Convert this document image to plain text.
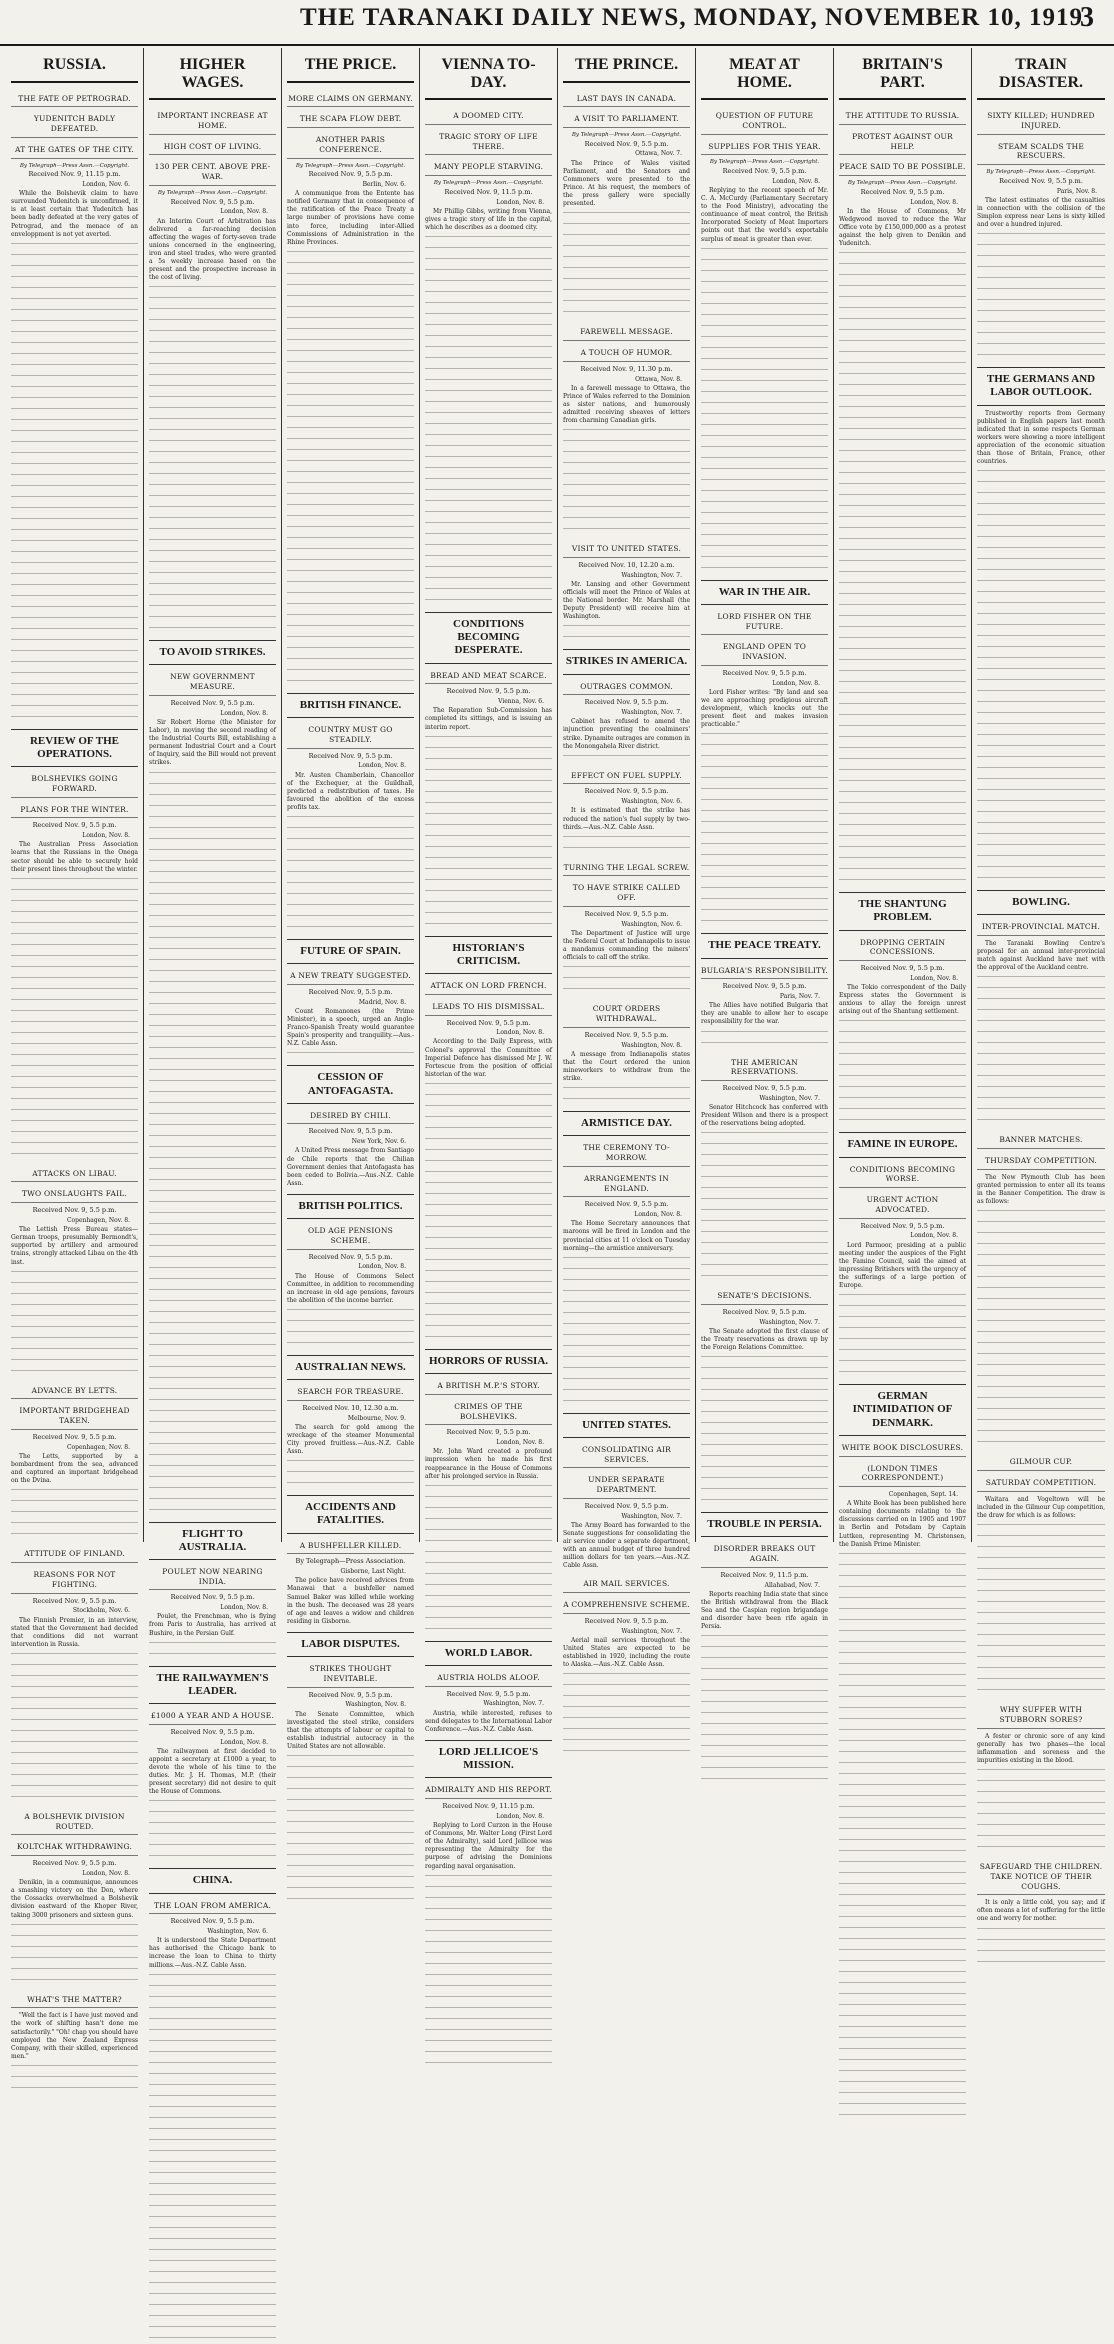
THE TARANAKI DAILY NEWS, MONDAY, NOVEMBER 10, 1919
3
RUSSIA.
THE FATE OF PETROGRAD.
YUDENITCH BADLY DEFEATED.
AT THE GATES OF THE CITY.
By Telegraph—Press Assn.—Copyright.
Received Nov. 9, 11.15 p.m.
London, Nov. 6.

While the Bolshevik claim to have surrounded Yudenitch is unconfirmed, it is at least certain that Yudenitch has been badly defeated at the very gates of Petrograd, and the menace of an enveloppment is not yet averted.

REVIEW OF THE OPERATIONS.
BOLSHEVIKS GOING FORWARD.
PLANS FOR THE WINTER.
Received Nov. 9, 5.5 p.m.
London, Nov. 8.

The Australian Press Association learns that the Russians in the Onega sector should be able to securely hold their present lines throughout the winter.

ATTACKS ON LIBAU.
TWO ONSLAUGHTS FAIL.
Received Nov. 9, 5.5 p.m.
Copenhagen, Nov. 8.

The Lettish Press Bureau states—German troops, presumably Bermondt's, supported by artillery and armoured trains, strongly attacked Libau on the 4th inst.

ADVANCE BY LETTS.
IMPORTANT BRIDGEHEAD TAKEN.
Received Nov. 9, 5.5 p.m.
Copenhagen, Nov. 8.

The Letts, supported by a bombardment from the sea, advanced and captured an important bridgehead on the Dvina.

ATTITUDE OF FINLAND.
REASONS FOR NOT FIGHTING.
Received Nov. 9, 5.5 p.m.
Stockholm, Nov. 6.

The Finnish Premier, in an interview, stated that the Government had decided that conditions did not warrant intervention in Russia.

A BOLSHEVIK DIVISION ROUTED.
KOLTCHAK WITHDRAWING.
Received Nov. 9, 5.5 p.m.
London, Nov. 8.

Denikin, in a communique, announces a smashing victory on the Don, where the Cossacks overwhelmed a Bolshevik division eastward of the Khoper River, taking 3000 prisoners and sixteen guns.

WHAT'S THE MATTER?

"Well the fact is I have just moved and the work of shifting hasn't done me satisfactorily." "Oh! chap you should have employed the New Zealand Express Company, with their skilled, experienced men."

HIGHER WAGES.
IMPORTANT INCREASE AT HOME.
HIGH COST OF LIVING.
130 PER CENT. ABOVE PRE-WAR.
By Telegraph—Press Assn.—Copyright.
Received Nov. 9, 5.5 p.m.
London, Nov. 8.

An Interim Court of Arbitration has delivered a far-reaching decision affecting the wages of forty-seven trade unions concerned in the engineering, iron and steel trades, who were granted a 5s weekly increase based on the present and the prospective increase in the cost of living.

TO AVOID STRIKES.
NEW GOVERNMENT MEASURE.
Received Nov. 9, 5.5 p.m.
London, Nov. 8.

Sir Robert Horne (the Minister for Labor), in moving the second reading of the Industrial Courts Bill, establishing a permanent Industrial Court and a Court of Inquiry, said the Bill would not prevent strikes.

FLIGHT TO AUSTRALIA.
POULET NOW NEARING INDIA.
Received Nov. 9, 5.5 p.m.
London, Nov. 8.

Poulet, the Frenchman, who is flying from Paris to Australia, has arrived at Bushire, in the Persian Gulf.

THE RAILWAYMEN'S LEADER.
£1000 A YEAR AND A HOUSE.
Received Nov. 9, 5.5 p.m.
London, Nov. 8.

The railwaymen at first decided to appoint a secretary at £1000 a year, to devote the whole of his time to the duties. Mr. J. H. Thomas, M.P. (their present secretary) did not desire to quit the House of Commons.

CHINA.
THE LOAN FROM AMERICA.
Received Nov. 9, 5.5 p.m.
Washington, Nov. 6.

It is understood the State Department has authorised the Chicago bank to increase the loan to China to thirty millions.—Aus.-N.Z. Cable Assn.

THE PRICE.
MORE CLAIMS ON GERMANY.
THE SCAPA FLOW DEBT.
ANOTHER PARIS CONFERENCE.
By Telegraph—Press Assn.—Copyright.
Received Nov. 9, 5.5 p.m.
Berlin, Nov. 6.

A communique from the Entente has notified Germany that in consequence of the ratification of the Peace Treaty a large number of provisions have come into force, including inter-Allied Commissions of Administration in the Rhine Provinces.

BRITISH FINANCE.
COUNTRY MUST GO STEADILY.
Received Nov. 9, 5.5 p.m.
London, Nov. 8.

Mr. Austen Chamberlain, Chancellor of the Exchequer, at the Guildhall, predicted a redistribution of taxes. He favoured the abolition of the excess profits tax.

FUTURE OF SPAIN.
A NEW TREATY SUGGESTED.
Received Nov. 9, 5.5 p.m.
Madrid, Nov. 8.

Count Romanones (the Prime Minister), in a speech, urged an Anglo-Franco-Spanish Treaty would guarantee Spain's prosperity and tranquility.—Aus.-N.Z. Cable Assn.

CESSION OF ANTOFAGASTA.
DESIRED BY CHILI.
Received Nov. 9, 5.5 p.m.
New York, Nov. 6.

A United Press message from Santiago de Chile reports that the Chilian Government denies that Antofagasta has been ceded to Bolivia.—Aus.-N.Z. Cable Assn.

BRITISH POLITICS.
OLD AGE PENSIONS SCHEME.
Received Nov. 9, 5.5 p.m.
London, Nov. 8.

The House of Commons Select Committee, in addition to recommending an increase in old age pensions, favours the abolition of the income barrier.

AUSTRALIAN NEWS.
SEARCH FOR TREASURE.
Received Nov. 10, 12.30 a.m.
Melbourne, Nov. 9.

The search for gold among the wreckage of the steamer Monumental City proved fruitless.—Aus.-N.Z. Cable Assn.

ACCIDENTS AND FATALITIES.
A BUSHFELLER KILLED.
By Telegraph—Press Association.
Gisborne, Last Night.

The police have received advices from Manawai that a bushfeller named Samuel Baker was killed while working in the bush. The deceased was 28 years of age and leaves a widow and children residing in Gisborne.

LABOR DISPUTES.
STRIKES THOUGHT INEVITABLE.
Received Nov. 9, 5.5 p.m.
Washington, Nov. 8.

The Senate Committee, which investigated the steel strike, considers that the attempts of labour or capital to establish industrial autocracy in the United States are not allowable.

VIENNA TO-DAY.
A DOOMED CITY.
TRAGIC STORY OF LIFE THERE.
MANY PEOPLE STARVING.
By Telegraph—Press Assn.—Copyright.
Received Nov. 9, 11.5 p.m.
London, Nov. 8.

Mr Phillip Gibbs, writing from Vienna, gives a tragic story of life in the capital, which he describes as a doomed city.

CONDITIONS BECOMING DESPERATE.
BREAD AND MEAT SCARCE.
Received Nov. 9, 5.5 p.m.
Vienna, Nov. 6.

The Reparation Sub-Commission has completed its sittings, and is issuing an interim report.

HISTORIAN'S CRITICISM.
ATTACK ON LORD FRENCH.
LEADS TO HIS DISMISSAL.
Received Nov. 9, 5.5 p.m.
London, Nov. 8.

According to the Daily Express, with Colonel's approval the Committee of Imperial Defence has dismissed Mr J. W. Fortescue from the position of official historian of the war.

HORRORS OF RUSSIA.
A BRITISH M.P.'S STORY.
CRIMES OF THE BOLSHEVIKS.
Received Nov. 9, 5.5 p.m.
London, Nov. 8.

Mr. John Ward created a profound impression when he made his first reappearance in the House of Commons after his prolonged service in Russia.

WORLD LABOR.
AUSTRIA HOLDS ALOOF.
Received Nov. 9, 5.5 p.m.
Washington, Nov. 7.

Austria, while interested, refuses to send delegates to the International Labor Conference.—Aus.-N.Z. Cable Assn.

LORD JELLICOE'S MISSION.
ADMIRALTY AND HIS REPORT.
Received Nov. 9, 11.15 p.m.
London, Nov. 8.

Replying to Lord Curzon in the House of Commons, Mr. Walter Long (First Lord of the Admiralty), said Lord Jellicoe was representing the Admiralty for the purpose of advising the Dominions regarding naval organisation.

THE PRINCE.
LAST DAYS IN CANADA.
A VISIT TO PARLIAMENT.
By Telegraph—Press Assn.—Copyright.
Received Nov. 9, 5.5 p.m.
Ottawa, Nov. 7.

The Prince of Wales visited Parliament, and the Senators and Commoners were presented to the Prince. At his request, the members of the press gallery were specially presented.

FAREWELL MESSAGE.
A TOUCH OF HUMOR.
Received Nov. 9, 11.30 p.m.
Ottawa, Nov. 8.

In a farewell message to Ottawa, the Prince of Wales referred to the Dominion as sister nations, and humorously admitted receiving sheaves of letters from charming Canadian girls.

VISIT TO UNITED STATES.
Received Nov. 10, 12.20 a.m.
Washington, Nov. 7.

Mr. Lansing and other Government officials will meet the Prince of Wales at the National border. Mr. Marshall (the Deputy President) will receive him at Washington.

STRIKES IN AMERICA.
OUTRAGES COMMON.
Received Nov. 9, 5.5 p.m.
Washington, Nov. 7.

Cabinet has refused to amend the injunction preventing the coalminers' strike. Dynamite outrages are common in the Monongahela River district.

EFFECT ON FUEL SUPPLY.
Received Nov. 9, 5.5 p.m.
Washington, Nov. 6.

It is estimated that the strike has reduced the nation's fuel supply by two-thirds.—Aus.-N.Z. Cable Assn.

TURNING THE LEGAL SCREW.
TO HAVE STRIKE CALLED OFF.
Received Nov. 9, 5.5 p.m.
Washington, Nov. 6.

The Department of Justice will urge the Federal Court at Indianapolis to issue a mandamus commanding the miners' officials to call off the strike.

COURT ORDERS WITHDRAWAL.
Received Nov. 9, 5.5 p.m.
Washington, Nov. 8.

A message from Indianapolis states that the Court ordered the union mineworkers to withdraw from the strike.

ARMISTICE DAY.
THE CEREMONY TO-MORROW.
ARRANGEMENTS IN ENGLAND.
Received Nov. 9, 5.5 p.m.
London, Nov. 8.

The Home Secretary announces that maroons will be fired in London and the provincial cities at 11 o'clock on Tuesday morning—the armistice anniversary.

UNITED STATES.
CONSOLIDATING AIR SERVICES.
UNDER SEPARATE DEPARTMENT.
Received Nov. 9, 5.5 p.m.
Washington, Nov. 7.

The Army Board has forwarded to the Senate suggestions for consolidating the air service under a separate department, with an annual budget of three hundred million dollars for ten years.—Aus.-N.Z. Cable Assn.

AIR MAIL SERVICES.
A COMPREHENSIVE SCHEME.
Received Nov. 9, 5.5 p.m.
Washington, Nov. 7.

Aerial mail services throughout the United States are expected to be established in 1920, including the route to Alaska.—Aus.-N.Z. Cable Assn.

MEAT AT HOME.
QUESTION OF FUTURE CONTROL.
SUPPLIES FOR THIS YEAR.
By Telegraph—Press Assn.—Copyright.
Received Nov. 9, 5.5 p.m.
London, Nov. 8.

Replying to the recent speech of Mr. C. A. McCurdy (Parliamentary Secretary to the Food Ministry), advocating the continuance of meat control, the British Incorporated Society of Meat Importers points out that the world's exportable surplus of meat is greater than ever.

WAR IN THE AIR.
LORD FISHER ON THE FUTURE.
ENGLAND OPEN TO INVASION.
Received Nov. 9, 5.5 p.m.
London, Nov. 8.

Lord Fisher writes: "By land and sea we are approaching prodigious aircraft development, which knocks out the present fleet and makes invasion practicable."

THE PEACE TREATY.
BULGARIA'S RESPONSIBILITY.
Received Nov. 9, 5.5 p.m.
Paris, Nov. 7.

The Allies have notified Bulgaria that they are unable to allow her to escape responsibility for the war.

THE AMERICAN RESERVATIONS.
Received Nov. 9, 5.5 p.m.
Washington, Nov. 7.

Senator Hitchcock has conferred with President Wilson and there is a prospect of the reservations being adopted.

SENATE'S DECISIONS.
Received Nov. 9, 5.5 p.m.
Washington, Nov. 7.

The Senate adopted the first clause of the Treaty reservations as drawn up by the Foreign Relations Committee.

TROUBLE IN PERSIA.
DISORDER BREAKS OUT AGAIN.
Received Nov. 9, 11.5 p.m.
Allahabad, Nov. 7.

Reports reaching India state that since the British withdrawal from the Black Sea and the Caspian region brigandage and disorder have been rife again in Persia.

BRITAIN'S PART.
THE ATTITUDE TO RUSSIA.
PROTEST AGAINST OUR HELP.
PEACE SAID TO BE POSSIBLE.
By Telegraph—Press Assn.—Copyright.
Received Nov. 9, 5.5 p.m.
London, Nov. 8.

In the House of Commons, Mr Wedgwood moved to reduce the War Office vote by £150,000,000 as a protest against the help given to Denikin and Yudenitch.

THE SHANTUNG PROBLEM.
DROPPING CERTAIN CONCESSIONS.
Received Nov. 9, 5.5 p.m.
London, Nov. 8.

The Tokio correspondent of the Daily Express states the Government is anxious to allay the foreign unrest arising out of the Shantung settlement.

FAMINE IN EUROPE.
CONDITIONS BECOMING WORSE.
URGENT ACTION ADVOCATED.
Received Nov. 9, 5.5 p.m.
London, Nov. 8.

Lord Parmoor, presiding at a public meeting under the auspices of the Fight the Famine Council, said the aimed at impressing Britishers with the urgency of the sufferings of a large portion of Europe.

GERMAN INTIMIDATION OF DENMARK.
WHITE BOOK DISCLOSURES.
(LONDON TIMES CORRESPONDENT.)
Copenhagen, Sept. 14.

A White Book has been published here containing documents relating to the discussions carried on in 1905 and 1907 in Berlin and Potsdam by Captain Luttken, representing M. Christensen, the Danish Prime Minister.

TRAIN DISASTER.
SIXTY KILLED; HUNDRED INJURED.
STEAM SCALDS THE RESCUERS.
By Telegraph—Press Assn.—Copyright.
Received Nov. 9, 5.5 p.m.
Paris, Nov. 8.

The latest estimates of the casualties in connection with the collision of the Simplon express near Lens is sixty killed and over a hundred injured.

THE GERMANS AND LABOR OUTLOOK.

Trustworthy reports from Germany published in English papers last month indicated that in some respects German workers were showing a more intelligent appreciation of the economic situation than those of Britain, France, other countries.

BOWLING.
INTER-PROVINCIAL MATCH.

The Taranaki Bowling Centre's proposal for an annual inter-provincial match against Auckland have met with the approval of the Auckland centre.

BANNER MATCHES.
THURSDAY COMPETITION.

The New Plymouth Club has been granted permission to enter all its teams in the Banner Competition. The draw is as follows:

GILMOUR CUP.
SATURDAY COMPETITION.

Waitara and Vogeltown will be included in the Gilmour Cup competition, the draw for which is as follows:

WHY SUFFER WITH STUBBORN SORES?

A fester or chronic sore of any kind generally has two phases—the local inflammation and soreness and the impurities existing in the blood.

SAFEGUARD THE CHILDREN. TAKE NOTICE OF THEIR COUGHS.

It is only a little cold, you say; and if often means a lot of suffering for the little one and worry for mother.
